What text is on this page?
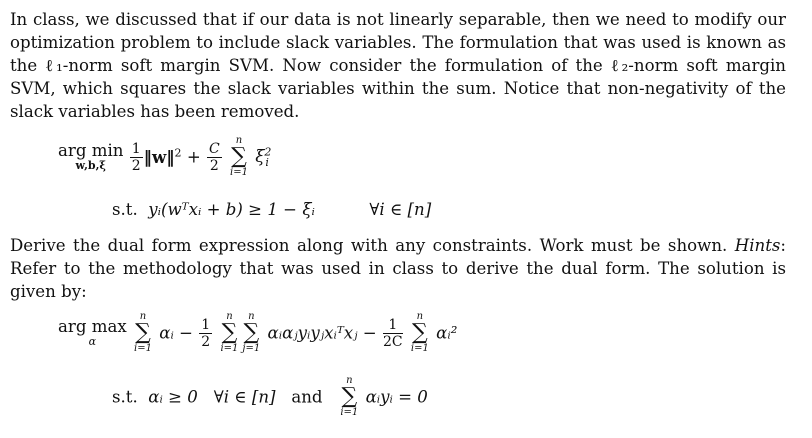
In class, we discussed that if our data is not linearly separable, then we need to modify our optimization problem to include slack variables. The formulation that was used is known as the ℓ₁-norm soft margin SVM. Now consider the formulation of the ℓ₂-norm soft margin SVM, which squares the slack variables within the sum. Notice that non-negativity of the slack variables has been removed.

arg min
w,b,ξ
	$\frac{1}{2}$ ‖w‖$^2$ + $\frac{C}{2}$

n
∑
i=1
$\xi^2_i$
s.t. yᵢ(wᵀxᵢ + b) ≥ 1 − ξᵢ	∀i ∈ [n]

Derive the dual form expression along with any constraints. Work must be shown. Hints: Refer to the methodology that was used in class to derive the dual form. The solution is given by:

arg max
α

n
∑
i=1
αᵢ − $\frac{1}{2}$

n
∑
i=1
n
∑
j=1
αᵢαⱼyᵢyⱼxᵢᵀxⱼ − $\frac{1}{2C}$

n
∑
i=1
αᵢ²
s.t. αᵢ ≥ 0 ∀i ∈ [n] and
n
∑
i=1
αᵢyᵢ = 0
